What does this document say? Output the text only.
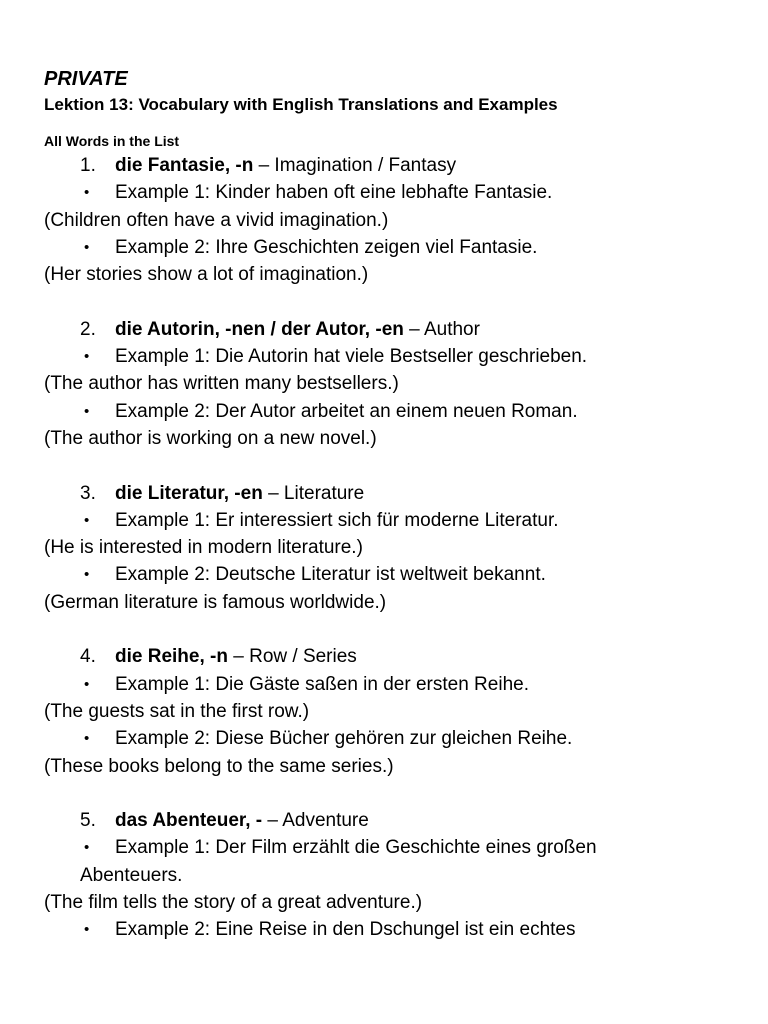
PRIVATE

Lektion 13: Vocabulary with English Translations and Examples

All Words in the List

1.	die Fantasie, -n – Imagination / Fantasy
•	Example 1: Kinder haben oft eine lebhafte Fantasie.
(Children often have a vivid imagination.)
•	Example 2: Ihre Geschichten zeigen viel Fantasie.
(Her stories show a lot of imagination.)
2.	die Autorin, -nen / der Autor, -en – Author
•	Example 1: Die Autorin hat viele Bestseller geschrieben.
(The author has written many bestsellers.)
•	Example 2: Der Autor arbeitet an einem neuen Roman.
(The author is working on a new novel.)
3.	die Literatur, -en – Literature
•	Example 1: Er interessiert sich für moderne Literatur.
(He is interested in modern literature.)
•	Example 2: Deutsche Literatur ist weltweit bekannt.
(German literature is famous worldwide.)
4.	die Reihe, -n – Row / Series
•	Example 1: Die Gäste saßen in der ersten Reihe.
(The guests sat in the first row.)
•	Example 2: Diese Bücher gehören zur gleichen Reihe.
(These books belong to the same series.)
5.	das Abenteuer, - – Adventure
•	Example 1: Der Film erzählt die Geschichte eines großen
Abenteuers.
(The film tells the story of a great adventure.)
•	Example 2: Eine Reise in den Dschungel ist ein echtes
